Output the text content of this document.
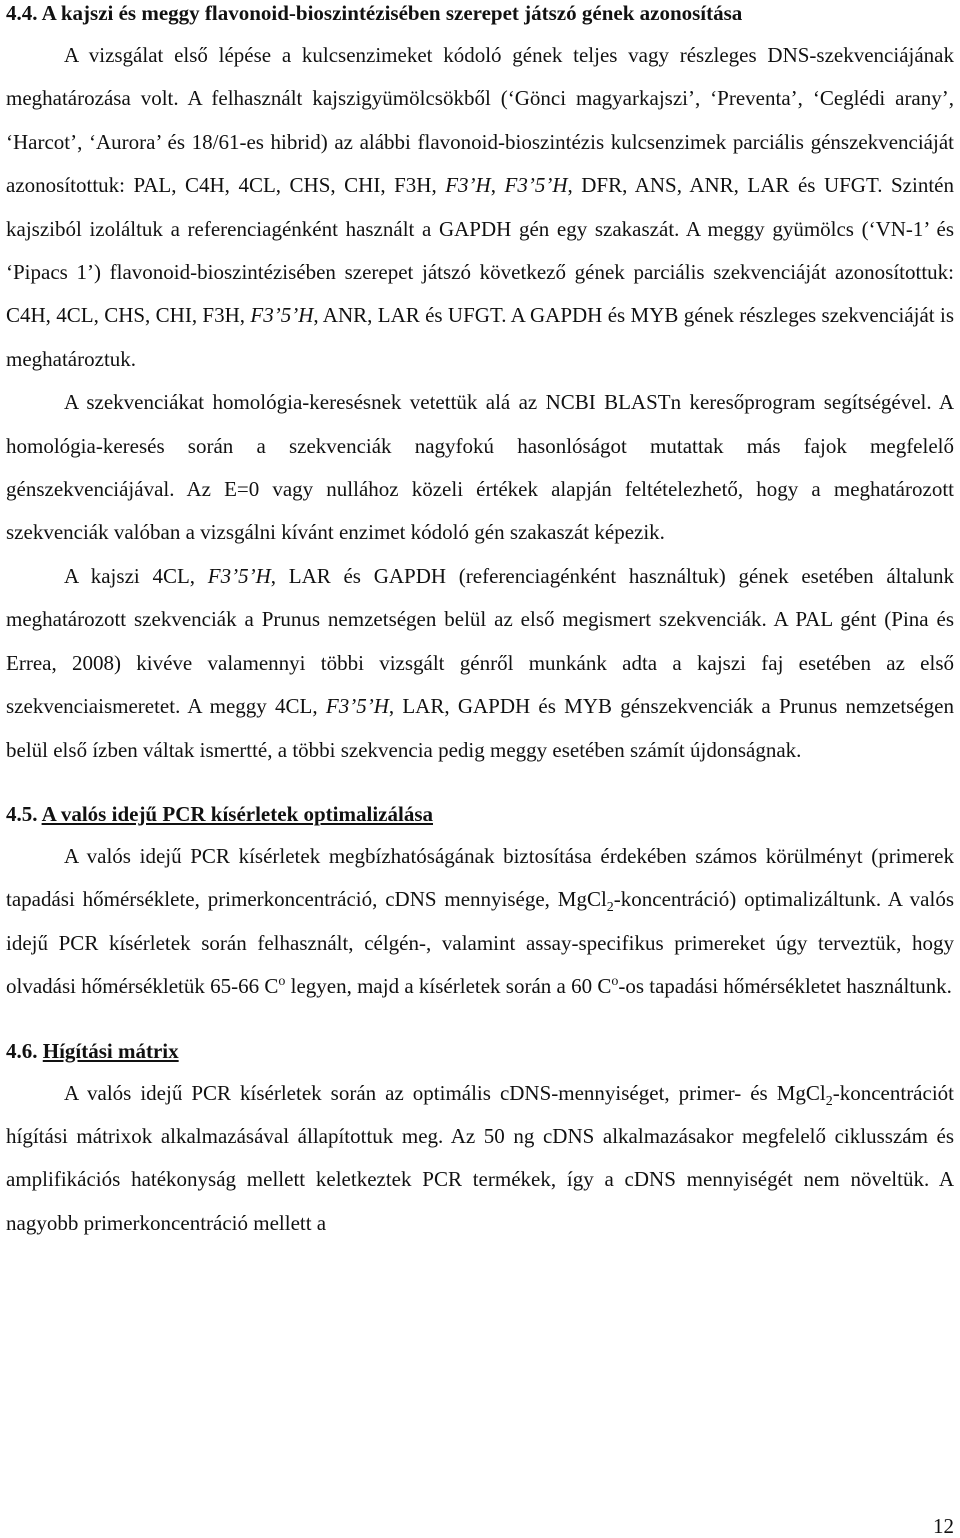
4.4. A kajszi és meggy flavonoid-bioszintézisében szerepet játszó gének azonosítása

A vizsgálat első lépése a kulcsenzimeket kódoló gének teljes vagy részleges DNS-szekvenciájának meghatározása volt. A felhasznált kajszigyümölcsökből (‘Gönci magyarkajszi’, ‘Preventa’, ‘Ceglédi arany’, ‘Harcot’, ‘Aurora’ és 18/61-es hibrid) az alábbi flavonoid-bioszintézis kulcsenzimek parciális génszekvenciáját azonosítottuk: PAL, C4H, 4CL, CHS, CHI, F3H, F3’H, F3’5’H, DFR, ANS, ANR, LAR és UFGT. Szintén kajsziból izoláltuk a referenciagénként használt a GAPDH gén egy szakaszát. A meggy gyümölcs (‘VN-1’ és ‘Pipacs 1’) flavonoid-bioszintézisében szerepet játszó következő gének parciális szekvenciáját azonosítottuk: C4H, 4CL, CHS, CHI, F3H, F3’5’H, ANR, LAR és UFGT. A GAPDH és MYB gének részleges szekvenciáját is meghatároztuk.

A szekvenciákat homológia-keresésnek vetettük alá az NCBI BLASTn keresőprogram segítségével. A homológia-keresés során a szekvenciák nagyfokú hasonlóságot mutattak más fajok megfelelő génszekvenciájával. Az E=0 vagy nullához közeli értékek alapján feltételezhető, hogy a meghatározott szekvenciák valóban a vizsgálni kívánt enzimet kódoló gén szakaszát képezik.

A kajszi 4CL, F3’5’H, LAR és GAPDH (referenciagénként használtuk) gének esetében általunk meghatározott szekvenciák a Prunus nemzetségen belül az első megismert szekvenciák. A PAL gént (Pina és Errea, 2008) kivéve valamennyi többi vizsgált génről munkánk adta a kajszi faj esetében az első szekvenciaismeretet. A meggy 4CL, F3’5’H, LAR, GAPDH és MYB génszekvenciák a Prunus nemzetségen belül első ízben váltak ismertté, a többi szekvencia pedig meggy esetében számít újdonságnak.

4.5. A valós idejű PCR kísérletek optimalizálása

A valós idejű PCR kísérletek megbízhatóságának biztosítása érdekében számos körülményt (primerek tapadási hőmérséklete, primerkoncentráció, cDNS mennyisége, MgCl$_2$-koncentráció) optimalizáltunk. A valós idejű PCR kísérletek során felhasznált, célgén-, valamint assay-specifikus primereket úgy terveztük, hogy olvadási hőmérsékletük 65-66 $C^o$ legyen, majd a kísérletek során a 60 $C^o-os$ tapadási hőmérsékletet használtunk.

4.6. Hígítási mátrix

A valós idejű PCR kísérletek során az optimális cDNS-mennyiséget, primer- és MgCl$_2$-koncentrációt hígítási mátrixok alkalmazásával állapítottuk meg. Az 50 ng cDNS alkalmazásakor megfelelő ciklusszám és amplifikációs hatékonyság mellett keletkeztek PCR termékek, így a cDNS mennyiségét nem növeltük. A nagyobb primerkoncentráció mellett a

12
